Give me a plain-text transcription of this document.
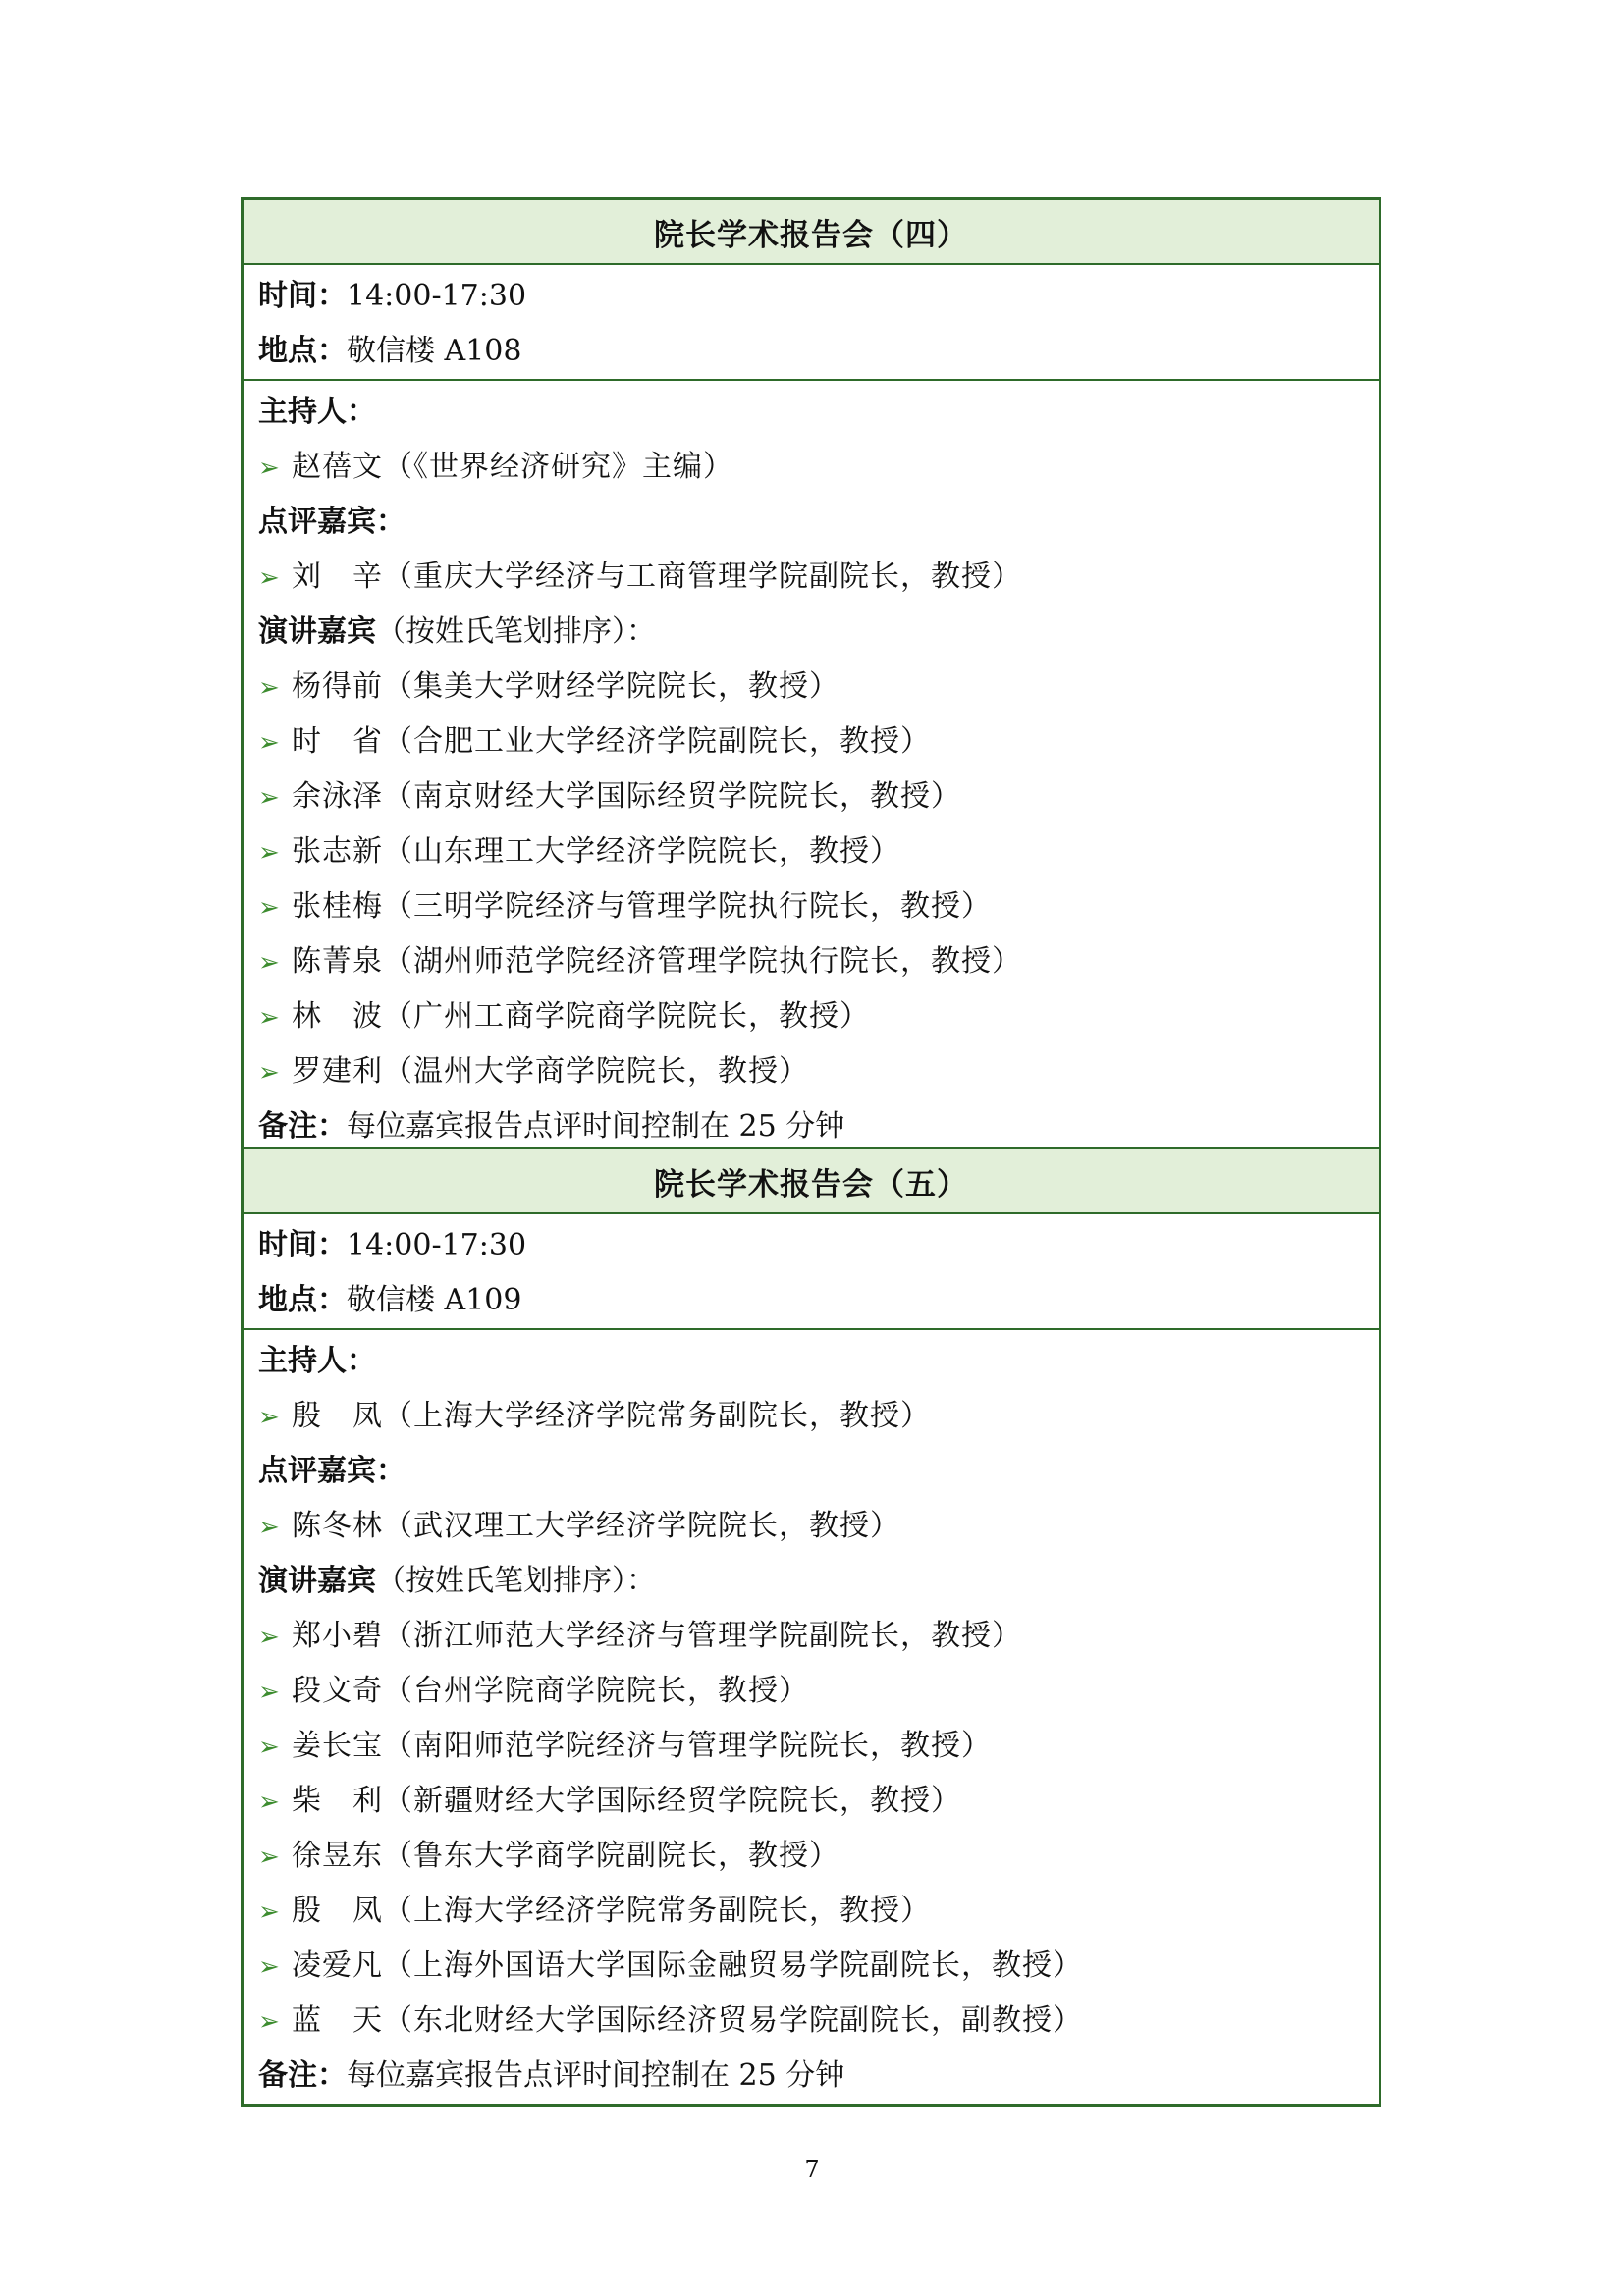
院长学术报告会（四）
时间：14:00-17:30
地点：敬信楼 A108
主持人：
➢ 赵蓓文（《世界经济研究》主编）
点评嘉宾：
➢ 刘　辛（重庆大学经济与工商管理学院副院长，教授）
演讲嘉宾（按姓氏笔划排序）：
➢ 杨得前（集美大学财经学院院长，教授）
➢ 时　省（合肥工业大学经济学院副院长，教授）
➢ 余泳泽（南京财经大学国际经贸学院院长，教授）
➢ 张志新（山东理工大学经济学院院长，教授）
➢ 张桂梅（三明学院经济与管理学院执行院长，教授）
➢ 陈菁泉（湖州师范学院经济管理学院执行院长，教授）
➢ 林　波（广州工商学院商学院院长，教授）
➢ 罗建利（温州大学商学院院长，教授）
备注：每位嘉宾报告点评时间控制在 25 分钟
院长学术报告会（五）
时间：14:00-17:30
地点：敬信楼 A109
主持人：
➢ 殷　凤（上海大学经济学院常务副院长，教授）
点评嘉宾：
➢ 陈冬林（武汉理工大学经济学院院长，教授）
演讲嘉宾（按姓氏笔划排序）：
➢ 郑小碧（浙江师范大学经济与管理学院副院长，教授）
➢ 段文奇（台州学院商学院院长，教授）
➢ 姜长宝（南阳师范学院经济与管理学院院长，教授）
➢ 柴　利（新疆财经大学国际经贸学院院长，教授）
➢ 徐昱东（鲁东大学商学院副院长，教授）
➢ 殷　凤（上海大学经济学院常务副院长，教授）
➢ 凌爱凡（上海外国语大学国际金融贸易学院副院长，教授）
➢ 蓝　天（东北财经大学国际经济贸易学院副院长，副教授）
备注：每位嘉宾报告点评时间控制在 25 分钟
7
